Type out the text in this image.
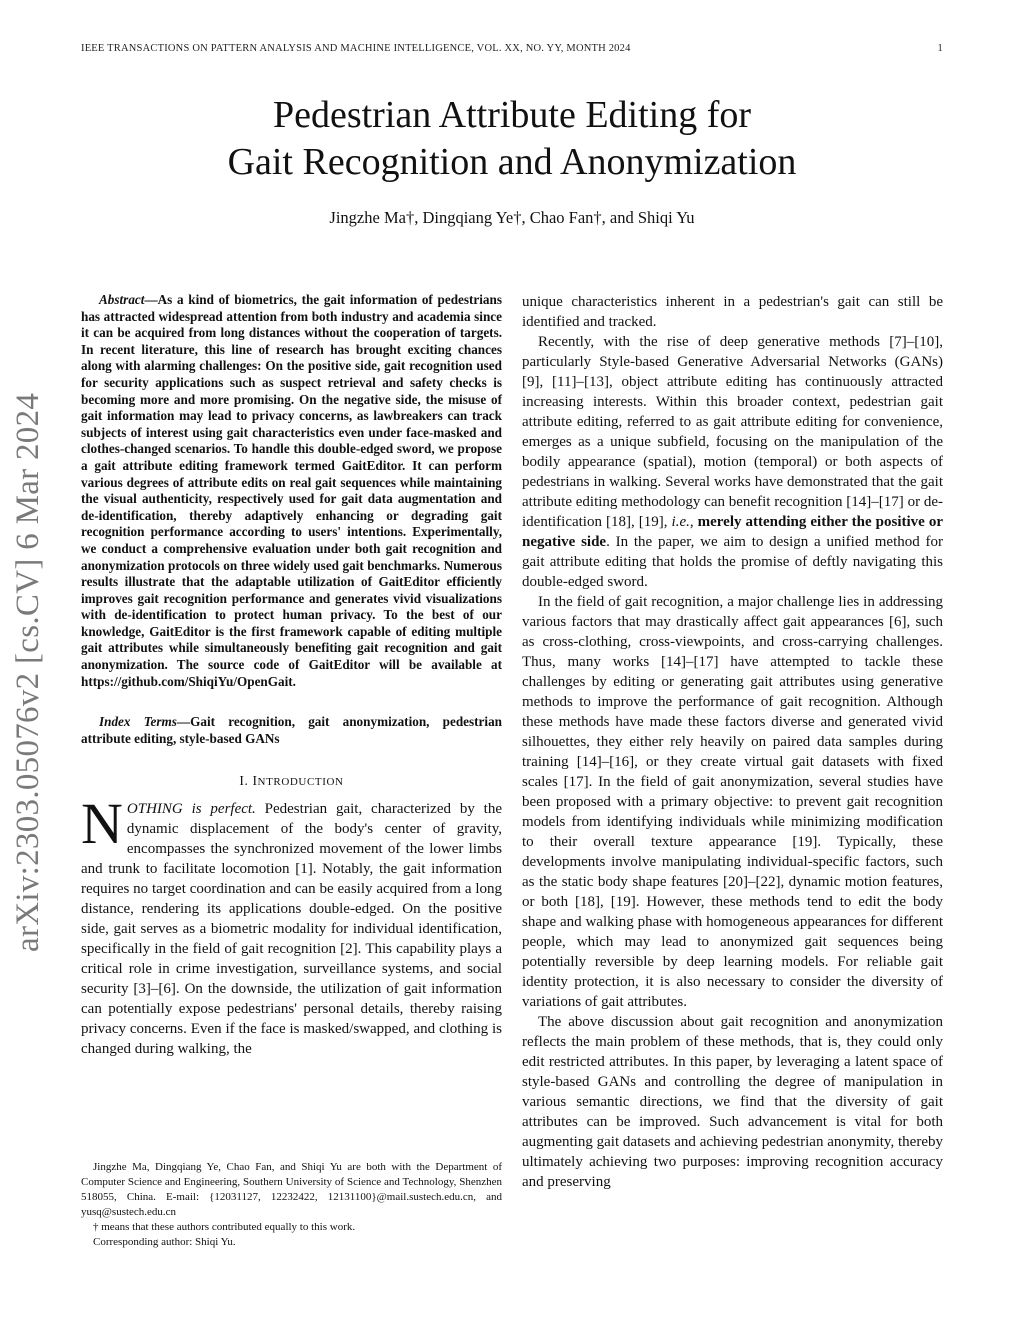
IEEE TRANSACTIONS ON PATTERN ANALYSIS AND MACHINE INTELLIGENCE, VOL. XX, NO. YY, MONTH 2024	1
Pedestrian Attribute Editing for
Gait Recognition and Anonymization
Jingzhe Ma†, Dingqiang Ye†, Chao Fan†, and Shiqi Yu
arXiv:2303.05076v2 [cs.CV] 6 Mar 2024

Abstract—As a kind of biometrics, the gait information of pedestrians has attracted widespread attention from both industry and academia since it can be acquired from long distances without the cooperation of targets. In recent literature, this line of research has brought exciting chances along with alarming challenges: On the positive side, gait recognition used for security applications such as suspect retrieval and safety checks is becoming more and more promising. On the negative side, the misuse of gait information may lead to privacy concerns, as lawbreakers can track subjects of interest using gait characteristics even under face-masked and clothes-changed scenarios. To handle this double-edged sword, we propose a gait attribute editing framework termed GaitEditor. It can perform various degrees of attribute edits on real gait sequences while maintaining the visual authenticity, respectively used for gait data augmentation and de-identification, thereby adaptively enhancing or degrading gait recognition performance according to users' intentions. Experimentally, we conduct a comprehensive evaluation under both gait recognition and anonymization protocols on three widely used gait benchmarks. Numerous results illustrate that the adaptable utilization of GaitEditor efficiently improves gait recognition performance and generates vivid visualizations with de-identification to protect human privacy. To the best of our knowledge, GaitEditor is the first framework capable of editing multiple gait attributes while simultaneously benefiting gait recognition and gait anonymization. The source code of GaitEditor will be available at https://github.com/ShiqiYu/OpenGait.

Index Terms—Gait recognition, gait anonymization, pedestrian attribute editing, style-based GANs

I. INTRODUCTION

NOTHING is perfect. Pedestrian gait, characterized by the dynamic displacement of the body's center of gravity, encompasses the synchronized movement of the lower limbs and trunk to facilitate locomotion [1]. Notably, the gait information requires no target coordination and can be easily acquired from a long distance, rendering its applications double-edged. On the positive side, gait serves as a biometric modality for individual identification, specifically in the field of gait recognition [2]. This capability plays a critical role in crime investigation, surveillance systems, and social security [3]–[6]. On the downside, the utilization of gait information can potentially expose pedestrians' personal details, thereby raising privacy concerns. Even if the face is masked/swapped, and clothing is changed during walking, the

Jingzhe Ma, Dingqiang Ye, Chao Fan, and Shiqi Yu are both with the Department of Computer Science and Engineering, Southern University of Science and Technology, Shenzhen 518055, China. E-mail: {12031127, 12232422, 12131100}@mail.sustech.edu.cn, and yusq@sustech.edu.cn

† means that these authors contributed equally to this work.

Corresponding author: Shiqi Yu.

unique characteristics inherent in a pedestrian's gait can still be identified and tracked.

Recently, with the rise of deep generative methods [7]–[10], particularly Style-based Generative Adversarial Networks (GANs) [9], [11]–[13], object attribute editing has continuously attracted increasing interests. Within this broader context, pedestrian gait attribute editing, referred to as gait attribute editing for convenience, emerges as a unique subfield, focusing on the manipulation of the bodily appearance (spatial), motion (temporal) or both aspects of pedestrians in walking. Several works have demonstrated that the gait attribute editing methodology can benefit recognition [14]–[17] or de-identification [18], [19], i.e., merely attending either the positive or negative side. In the paper, we aim to design a unified method for gait attribute editing that holds the promise of deftly navigating this double-edged sword.

In the field of gait recognition, a major challenge lies in addressing various factors that may drastically affect gait appearances [6], such as cross-clothing, cross-viewpoints, and cross-carrying challenges. Thus, many works [14]–[17] have attempted to tackle these challenges by editing or generating gait attributes using generative methods to improve the performance of gait recognition. Although these methods have made these factors diverse and generated vivid silhouettes, they either rely heavily on paired data samples during training [14]–[16], or they create virtual gait datasets with fixed scales [17]. In the field of gait anonymization, several studies have been proposed with a primary objective: to prevent gait recognition models from identifying individuals while minimizing modification to their overall texture appearance [19]. Typically, these developments involve manipulating individual-specific factors, such as the static body shape features [20]–[22], dynamic motion features, or both [18], [19]. However, these methods tend to edit the body shape and walking phase with homogeneous appearances for different people, which may lead to anonymized gait sequences being potentially reversible by deep learning models. For reliable gait identity protection, it is also necessary to consider the diversity of variations of gait attributes.

The above discussion about gait recognition and anonymization reflects the main problem of these methods, that is, they could only edit restricted attributes. In this paper, by leveraging a latent space of style-based GANs and controlling the degree of manipulation in various semantic directions, we find that the diversity of gait attributes can be improved. Such advancement is vital for both augmenting gait datasets and achieving pedestrian anonymity, thereby ultimately achieving two purposes: improving recognition accuracy and preserving
